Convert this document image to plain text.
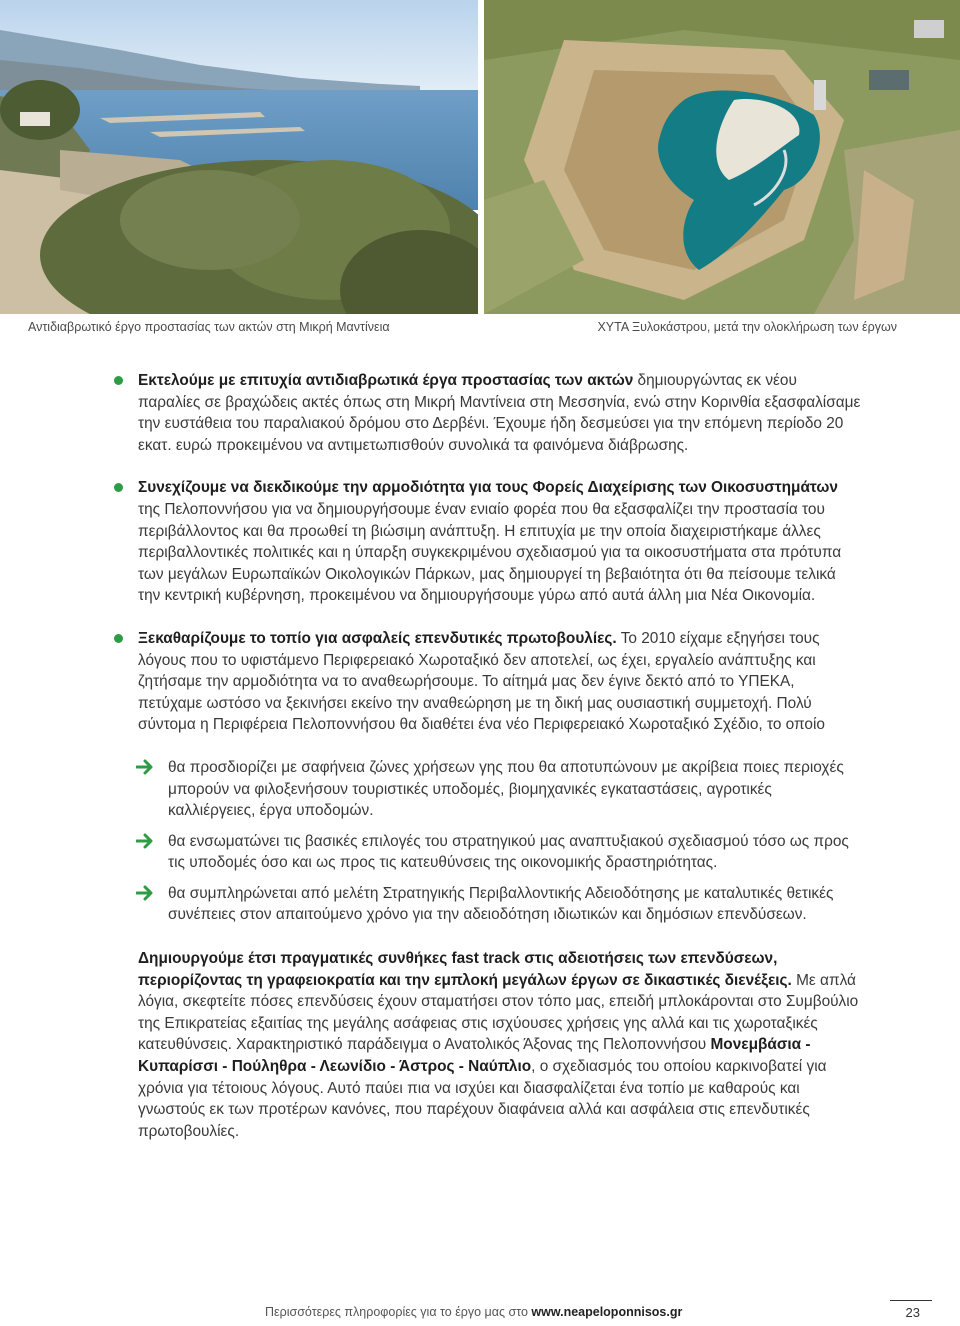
Αντιδιαβρωτικό έργο προστασίας των ακτών στη Μικρή Μαντίνεια	ΧΥΤΑ Ξυλοκάστρου, μετά την ολοκλήρωση των έργων

Εκτελούμε με επιτυχία αντιδιαβρωτικά έργα προστασίας των ακτών δημιουργώντας εκ νέου παραλίες σε βραχώδεις ακτές όπως στη Μικρή Μαντίνεια στη Μεσσηνία, ενώ στην Κορινθία εξασφαλίσαμε την ευστάθεια του παραλιακού δρόμου στο Δερβένι. Έχουμε ήδη δεσμεύσει για την επόμενη περίοδο 20 εκατ. ευρώ προκειμένου να αντιμετωπισθούν συνολικά τα φαινόμενα διάβρωσης.

Συνεχίζουμε να διεκδικούμε την αρμοδιότητα για τους Φορείς Διαχείρισης των Οικοσυστημάτων της Πελοποννήσου για να δημιουργήσουμε έναν ενιαίο φορέα που θα εξασφαλίζει την προστασία του περιβάλλοντος και θα προωθεί τη βιώσιμη ανάπτυξη. Η επιτυχία με την οποία διαχειριστήκαμε άλλες περιβαλλοντικές πολιτικές και η ύπαρξη συγκεκριμένου σχεδιασμού για τα οικοσυστήματα στα πρότυπα των μεγάλων Ευρωπαϊκών Οικολογικών Πάρκων, μας δημιουργεί τη βεβαιότητα ότι θα πείσουμε τελικά την κεντρική κυβέρνηση, προκειμένου να δημιουργήσουμε γύρω από αυτά άλλη μια Νέα Οικονομία.

Ξεκαθαρίζουμε το τοπίο για ασφαλείς επενδυτικές πρωτοβουλίες. Το 2010 είχαμε εξηγήσει τους λόγους που το υφιστάμενο Περιφερειακό Χωροταξικό δεν αποτελεί, ως έχει, εργαλείο ανάπτυξης και ζητήσαμε την αρμοδιότητα να το αναθεωρήσουμε. Το αίτημά μας δεν έγινε δεκτό από το ΥΠΕΚΑ, πετύχαμε ωστόσο να ξεκινήσει εκείνο την αναθεώρηση με τη δική μας ουσιαστική συμμετοχή. Πολύ σύντομα η Περιφέρεια Πελοποννήσου θα διαθέτει ένα νέο Περιφερειακό Χωροταξικό Σχέδιο, το οποίο

θα προσδιορίζει με σαφήνεια ζώνες χρήσεων γης που θα αποτυπώνουν με ακρίβεια ποιες περιοχές μπορούν να φιλοξενήσουν τουριστικές υποδομές, βιομηχανικές εγκαταστάσεις, αγροτικές καλλιέργειες, έργα υποδομών.

θα ενσωματώνει τις βασικές επιλογές του στρατηγικού μας αναπτυξιακού σχεδιασμού τόσο ως προς τις υποδομές όσο και ως προς τις κατευθύνσεις της οικονομικής δραστηριότητας.

θα συμπληρώνεται από μελέτη Στρατηγικής Περιβαλλοντικής Αδειοδότησης με καταλυτικές θετικές συνέπειες στον απαιτούμενο χρόνο για την αδειοδότηση ιδιωτικών και δημόσιων επενδύσεων.

Δημιουργούμε έτσι πραγματικές συνθήκες fast track στις αδειοτήσεις των επενδύσεων, περιορίζοντας τη γραφειοκρατία και την εμπλοκή μεγάλων έργων σε δικαστικές διενέξεις. Με απλά λόγια, σκεφτείτε πόσες επενδύσεις έχουν σταματήσει στον τόπο μας, επειδή μπλοκάρονται στο Συμβούλιο της Επικρατείας εξαιτίας της μεγάλης ασάφειας στις ισχύουσες χρήσεις γης αλλά και τις χωροταξικές κατευθύνσεις. Χαρακτηριστικό παράδειγμα ο Ανατολικός Άξονας της Πελοποννήσου Μονεμβάσια - Κυπαρίσσι - Πούληθρα - Λεωνίδιο - Άστρος - Ναύπλιο, ο σχεδιασμός του οποίου καρκινοβατεί για χρόνια για τέτοιους λόγους. Αυτό παύει πια να ισχύει και διασφαλίζεται ένα τοπίο με καθαρούς και γνωστούς εκ των προτέρων κανόνες, που παρέχουν διαφάνεια αλλά και ασφάλεια στις επενδυτικές πρωτοβουλίες.

Περισσότερες πληροφορίες για το έργο μας στο www.neapeloponnisos.gr	23
